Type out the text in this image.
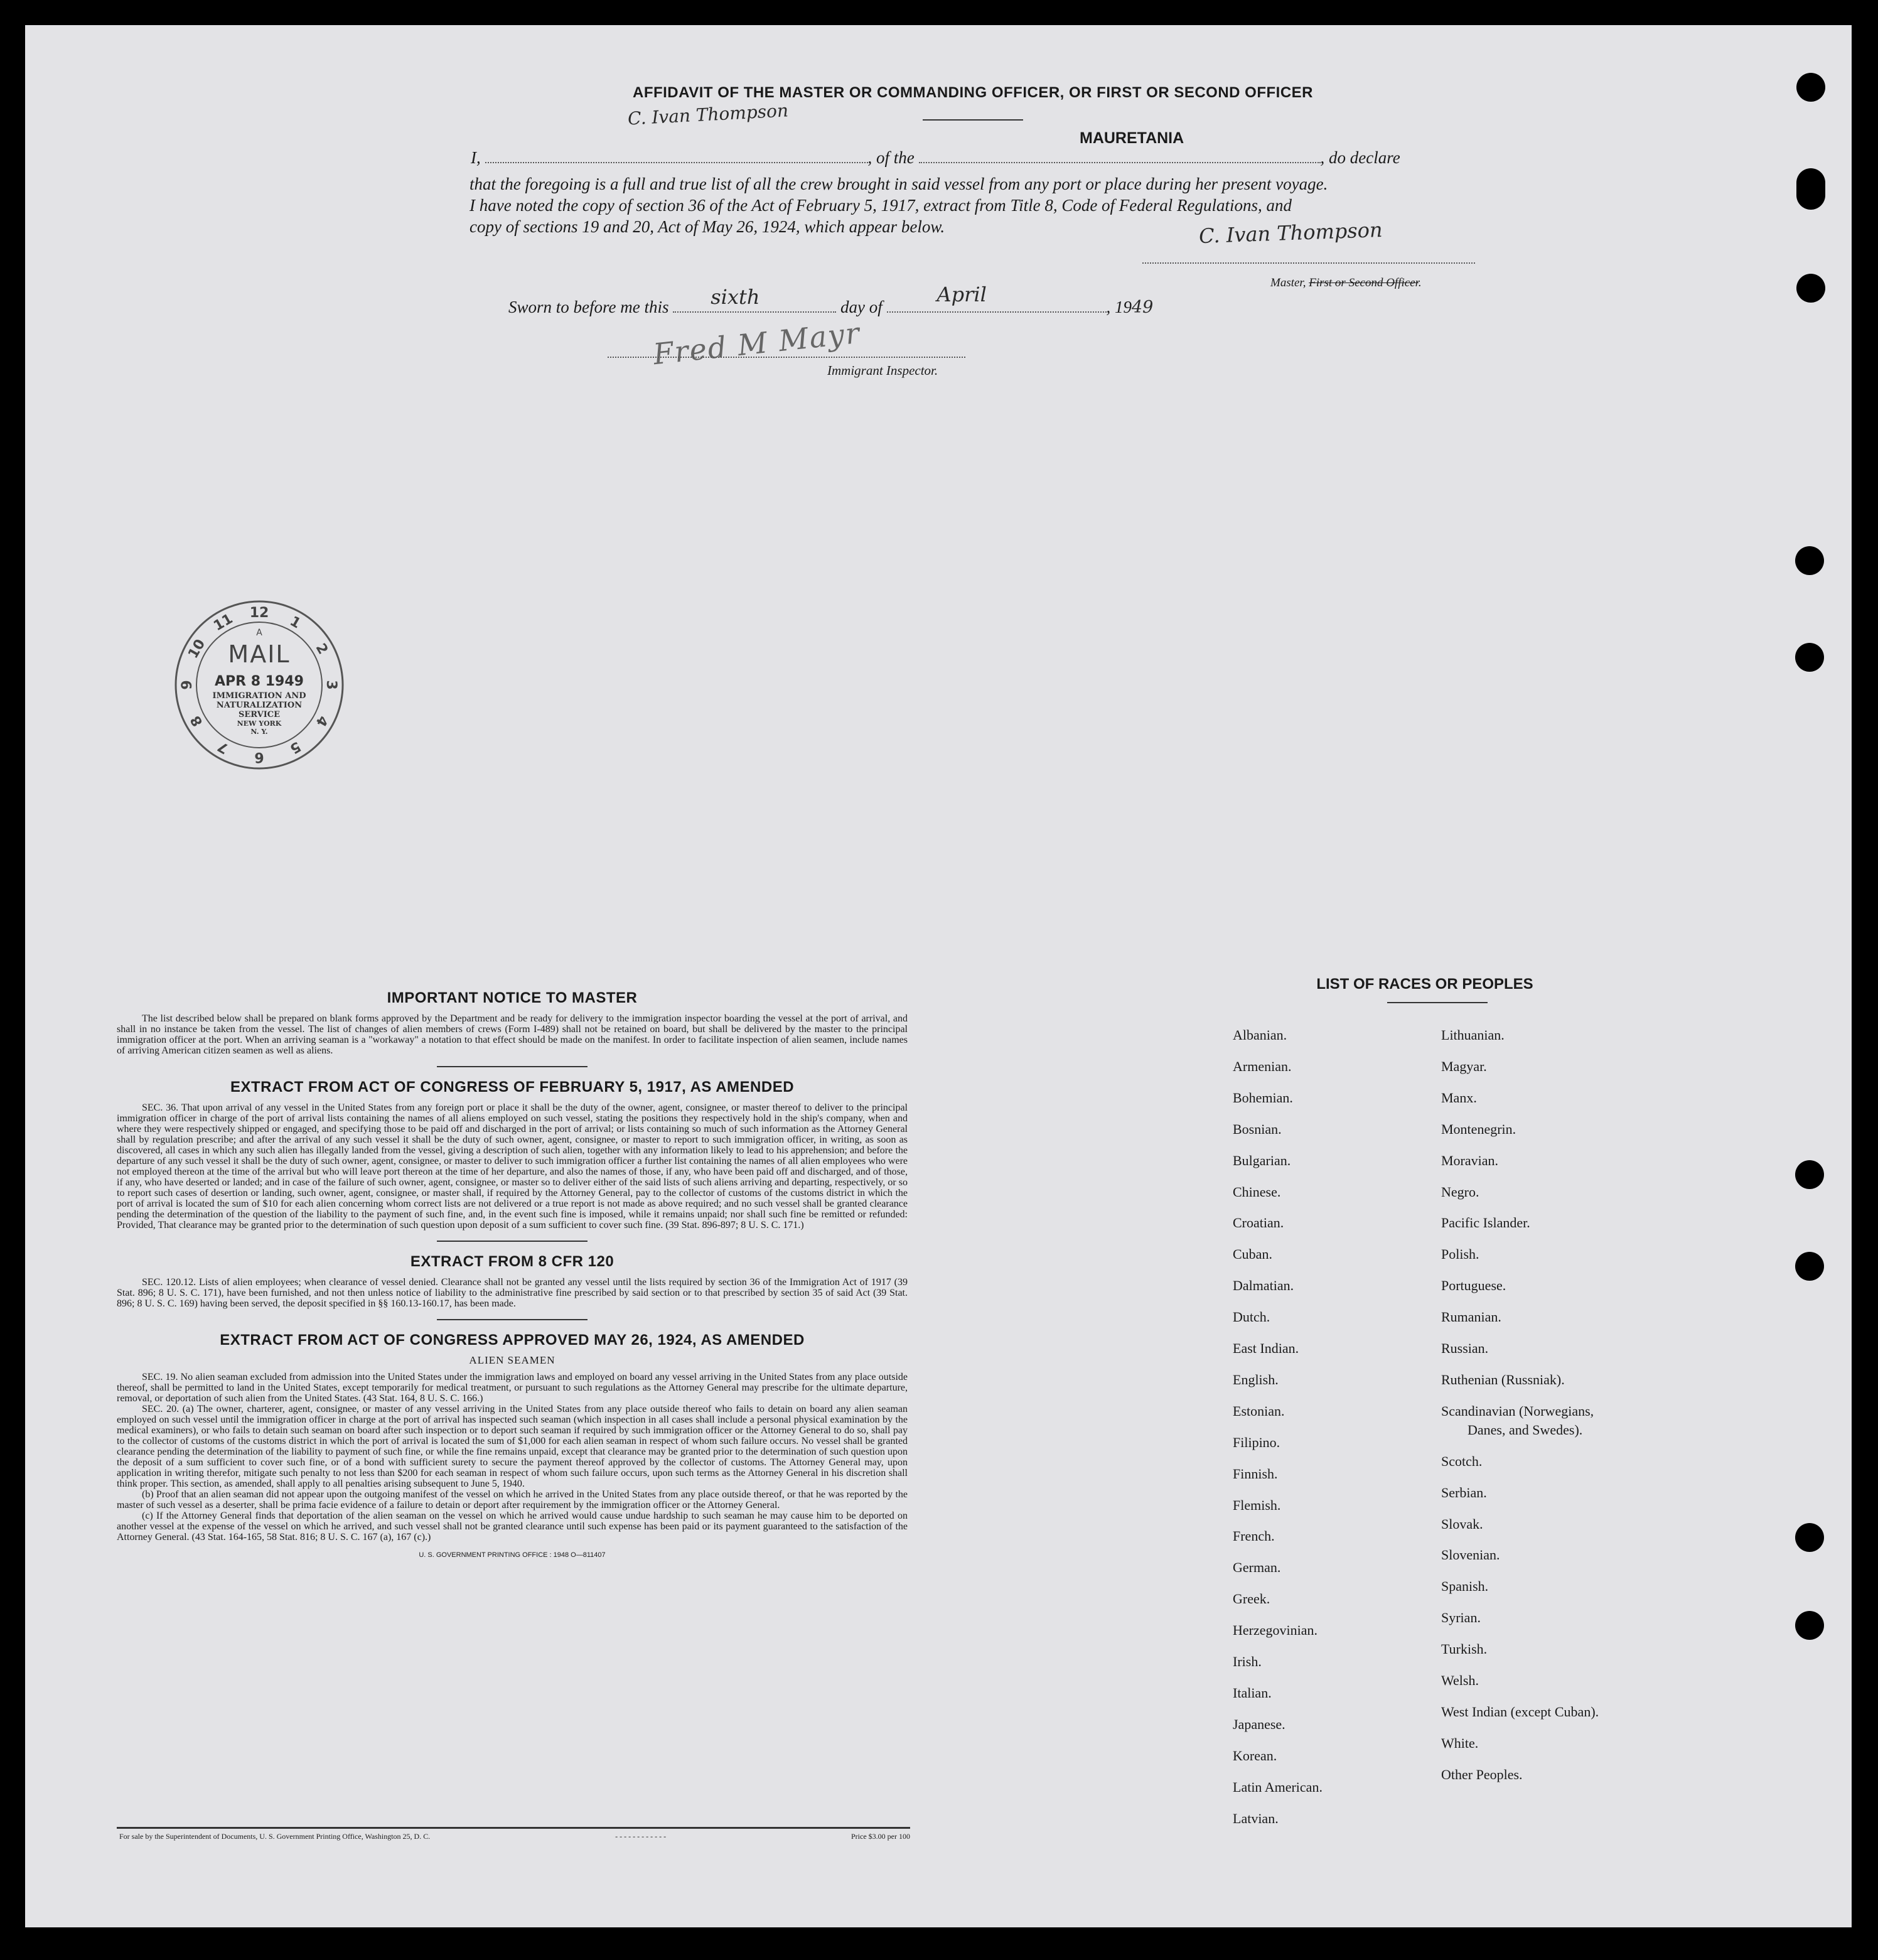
AFFIDAVIT OF THE MASTER OR COMMANDING OFFICER, OR FIRST OR SECOND OFFICER
C. Ivan Thompson
MAURETANIA
I,	, of the	, do declare
that the foregoing is a full and true list of all the crew brought in said vessel from any port or place during her present voyage.
I have noted the copy of section 36 of the Act of February 5, 1917, extract from Title 8, Code of Federal Regulations, and
copy of sections 19 and 20, Act of May 26, 1924, which appear below.	C. Ivan Thompson
Master, First or Second Officer.
Sworn to before me this sixth	day of
April
, 1949
Fred M Mayr
Immigrant Inspector.
12
1
2
3
4
5
6
7
8
9
10
11 A
MAIL
APR 8 1949
IMMIGRATION AND
NATURALIZATION
SERVICE
NEW YORK
N. Y.
IMPORTANT NOTICE TO MASTER
The list described below shall be prepared on blank forms approved by the Department and be ready for delivery to the immigration inspector boarding the vessel at the port of arrival, and shall in no instance be taken from the vessel. The list of changes of alien members of crews (Form I-489) shall not be retained on board, but shall be delivered by the master to the principal immigration officer at the port. When an arriving seaman is a "workaway" a notation to that effect should be made on the manifest. In order to facilitate inspection of alien seamen, include names of arriving American citizen seamen as well as aliens.
EXTRACT FROM ACT OF CONGRESS OF FEBRUARY 5, 1917, AS AMENDED
SEC. 36. That upon arrival of any vessel in the United States from any foreign port or place it shall be the duty of the owner, agent, consignee, or master thereof to deliver to the principal immigration officer in charge of the port of arrival lists containing the names of all aliens employed on such vessel, stating the positions they respectively hold in the ship's company, when and where they were respectively shipped or engaged, and specifying those to be paid off and discharged in the port of arrival; or lists containing so much of such information as the Attorney General shall by regulation prescribe; and after the arrival of any such vessel it shall be the duty of such owner, agent, consignee, or master to report to such immigration officer, in writing, as soon as discovered, all cases in which any such alien has illegally landed from the vessel, giving a description of such alien, together with any information likely to lead to his apprehension; and before the departure of any such vessel it shall be the duty of such owner, agent, consignee, or master to deliver to such immigration officer a further list containing the names of all alien employees who were not employed thereon at the time of the arrival but who will leave port thereon at the time of her departure, and also the names of those, if any, who have been paid off and discharged, and of those, if any, who have deserted or landed; and in case of the failure of such owner, agent, consignee, or master so to deliver either of the said lists of such aliens arriving and departing, respectively, or so to report such cases of desertion or landing, such owner, agent, consignee, or master shall, if required by the Attorney General, pay to the collector of customs of the customs district in which the port of arrival is located the sum of $10 for each alien concerning whom correct lists are not delivered or a true report is not made as above required; and no such vessel shall be granted clearance pending the determination of the question of the liability to the payment of such fine, and, in the event such fine is imposed, while it remains unpaid; nor shall such fine be remitted or refunded: Provided, That clearance may be granted prior to the determination of such question upon deposit of a sum sufficient to cover such fine. (39 Stat. 896-897; 8 U. S. C. 171.)
EXTRACT FROM 8 CFR 120
SEC. 120.12. Lists of alien employees; when clearance of vessel denied. Clearance shall not be granted any vessel until the lists required by section 36 of the Immigration Act of 1917 (39 Stat. 896; 8 U. S. C. 171), have been furnished, and not then unless notice of liability to the administrative fine prescribed by said section or to that prescribed by section 35 of said Act (39 Stat. 896; 8 U. S. C. 169) having been served, the deposit specified in §§ 160.13-160.17, has been made.
EXTRACT FROM ACT OF CONGRESS APPROVED MAY 26, 1924, AS AMENDED
ALIEN SEAMEN
SEC. 19. No alien seaman excluded from admission into the United States under the immigration laws and employed on board any vessel arriving in the United States from any place outside thereof, shall be permitted to land in the United States, except temporarily for medical treatment, or pursuant to such regulations as the Attorney General may prescribe for the ultimate departure, removal, or deportation of such alien from the United States. (43 Stat. 164, 8 U. S. C. 166.)
SEC. 20. (a) The owner, charterer, agent, consignee, or master of any vessel arriving in the United States from any place outside thereof who fails to detain on board any alien seaman employed on such vessel until the immigration officer in charge at the port of arrival has inspected such seaman (which inspection in all cases shall include a personal physical examination by the medical examiners), or who fails to detain such seaman on board after such inspection or to deport such seaman if required by such immigration officer or the Attorney General to do so, shall pay to the collector of customs of the customs district in which the port of arrival is located the sum of $1,000 for each alien seaman in respect of whom such failure occurs. No vessel shall be granted clearance pending the determination of the liability to payment of such fine, or while the fine remains unpaid, except that clearance may be granted prior to the determination of such question upon the deposit of a sum sufficient to cover such fine, or of a bond with sufficient surety to secure the payment thereof approved by the collector of customs. The Attorney General may, upon application in writing therefor, mitigate such penalty to not less than $200 for each seaman in respect of whom such failure occurs, upon such terms as the Attorney General in his discretion shall think proper. This section, as amended, shall apply to all penalties arising subsequent to June 5, 1940.
(b) Proof that an alien seaman did not appear upon the outgoing manifest of the vessel on which he arrived in the United States from any place outside thereof, or that he was reported by the master of such vessel as a deserter, shall be prima facie evidence of a failure to detain or deport after requirement by the immigration officer or the Attorney General.
(c) If the Attorney General finds that deportation of the alien seaman on the vessel on which he arrived would cause undue hardship to such seaman he may cause him to be deported on another vessel at the expense of the vessel on which he arrived, and such vessel shall not be granted clearance until such expense has been paid or its payment guaranteed to the satisfaction of the Attorney General. (43 Stat. 164-165, 58 Stat. 816; 8 U. S. C. 167 (a), 167 (c).)
U. S. GOVERNMENT PRINTING OFFICE : 1948 O—811407
For sale by the Superintendent of Documents, U. S. Government Printing Office, Washington 25, D. C.	- - - - - - - - - - - -	Price $3.00 per 100
LIST OF RACES OR PEOPLES
Albanian.
Armenian.
Bohemian.
Bosnian.
Bulgarian.
Chinese.
Croatian.
Cuban.
Dalmatian.
Dutch.
East Indian.
English.
Estonian.
Filipino.
Finnish.
Flemish.
French.
German.
Greek.
Herzegovinian.
Irish.
Italian.
Japanese.
Korean.
Latin American.
Latvian.
Lithuanian.
Magyar.
Manx.
Montenegrin.
Moravian.
Negro.
Pacific Islander.
Polish.
Portuguese.
Rumanian.
Russian.
Ruthenian (Russniak).
Scandinavian (Norwegians,
Danes, and Swedes).
Scotch.
Serbian.
Slovak.
Slovenian.
Spanish.
Syrian.
Turkish.
Welsh.
West Indian (except Cuban).
White.
Other Peoples.
